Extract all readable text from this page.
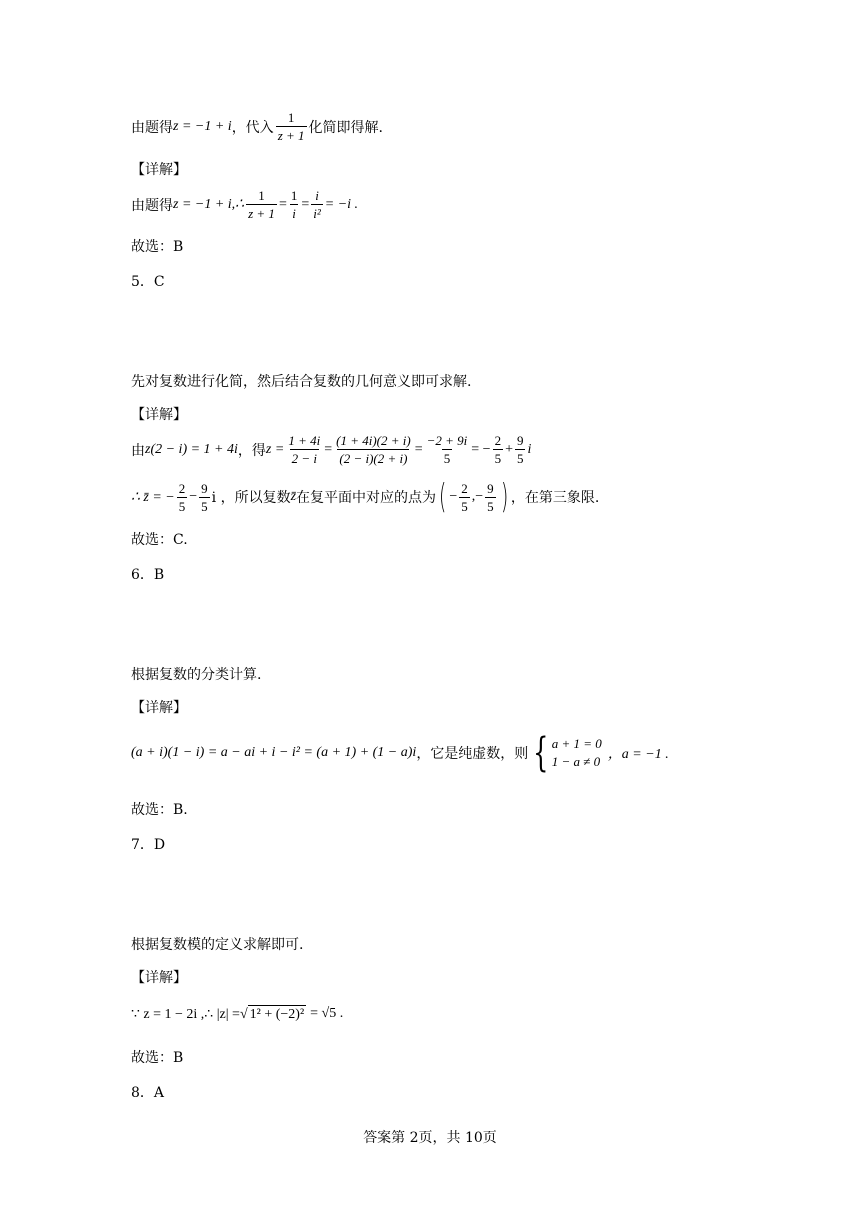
由题得 z = −1 + i ，代入 $\frac{1}{z + 1}$ 化简即得解.
【详解】
由题得 z = −1 + i,∴ $\frac{1}{z + 1} = \frac{1}{i} = \frac{i}{\text{i²}} = -i$ .
故选：B
5．C
先对复数进行化简，然后结合复数的几何意义即可求解.
【详解】
由 z(2 − i) = 1 + 4i ，得 $z = \frac{1 + 4i}{2 - i} = \frac{(1 + 4i)(2 + i)}{(2 - i)(2 + i)} = \frac{-2 + 9i}{5}$ = − $\frac{2}{5} + \frac{9}{5}$ i
∴ z̄ = − $\frac{2}{5} - \frac{9}{5}$ i ，所以复数 z̄ 在复平面中对应的点为 ( − $\frac{2}{5}$ ,− $\frac{9}{5}$ ) ，在第三象限.
故选：C.
6．B
根据复数的分类计算.
【详解】
(a + i)(1 − i) = a − ai + i − i² = (a + 1) + (1 − a)i ，它是纯虚数，则 { a + 1 = 0
1 − a ≠ 0 ，a = −1 .
故选：B.
7．D
根据复数模的定义求解即可.
【详解】
∵ z = 1 − 2i ,∴ |z| = √ 1² + (−2)² = √5 .
故选：B
8．A
答案第 2页，共 10页
